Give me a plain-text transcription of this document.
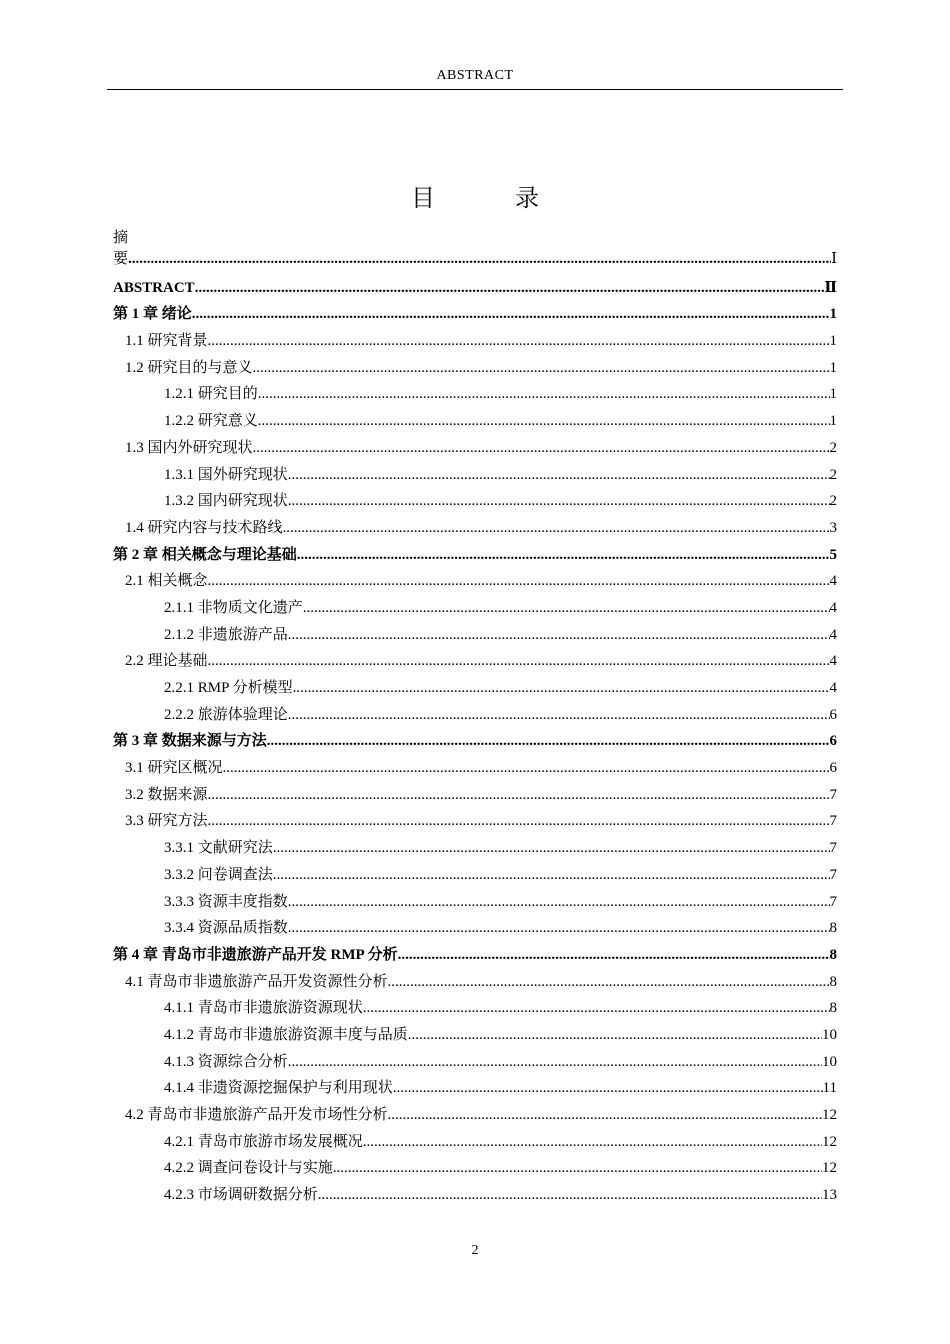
ABSTRACT
目　录
摘
要 .....	Ⅰ
ABSTRACT .....	Ⅱ
第 1 章 绪论 .....	1
1.1 研究背景 .....	1
1.2 研究目的与意义 .....	1
1.2.1 研究目的 .....	1
1.2.2 研究意义 .....	1
1.3 国内外研究现状 .....	2
1.3.1 国外研究现状 .....	2
1.3.2 国内研究现状 .....	2
1.4 研究内容与技术路线 .....	3
第 2 章 相关概念与理论基础 .....	5
2.1 相关概念 .....	4
2.1.1 非物质文化遗产 .....	4
2.1.2 非遗旅游产品 .....	4
2.2 理论基础 .....	4
2.2.1 RMP 分析模型 .....	4
2.2.2 旅游体验理论 .....	6
第 3 章 数据来源与方法 .....	6
3.1 研究区概况 .....	6
3.2 数据来源 .....	7
3.3 研究方法 .....	7
3.3.1 文献研究法 .....	7
3.3.2 问卷调查法 .....	7
3.3.3 资源丰度指数 .....	7
3.3.4 资源品质指数 .....	8
第 4 章 青岛市非遗旅游产品开发 RMP 分析 .....	8
4.1 青岛市非遗旅游产品开发资源性分析 .....	8
4.1.1 青岛市非遗旅游资源现状 .....	8
4.1.2 青岛市非遗旅游资源丰度与品质 .....	10
4.1.3 资源综合分析 .....	10
4.1.4 非遗资源挖掘保护与利用现状 .....	11
4.2 青岛市非遗旅游产品开发市场性分析 .....	12
4.2.1 青岛市旅游市场发展概况 .....	12
4.2.2 调查问卷设计与实施 .....	12
4.2.3 市场调研数据分析 .....	13
2
